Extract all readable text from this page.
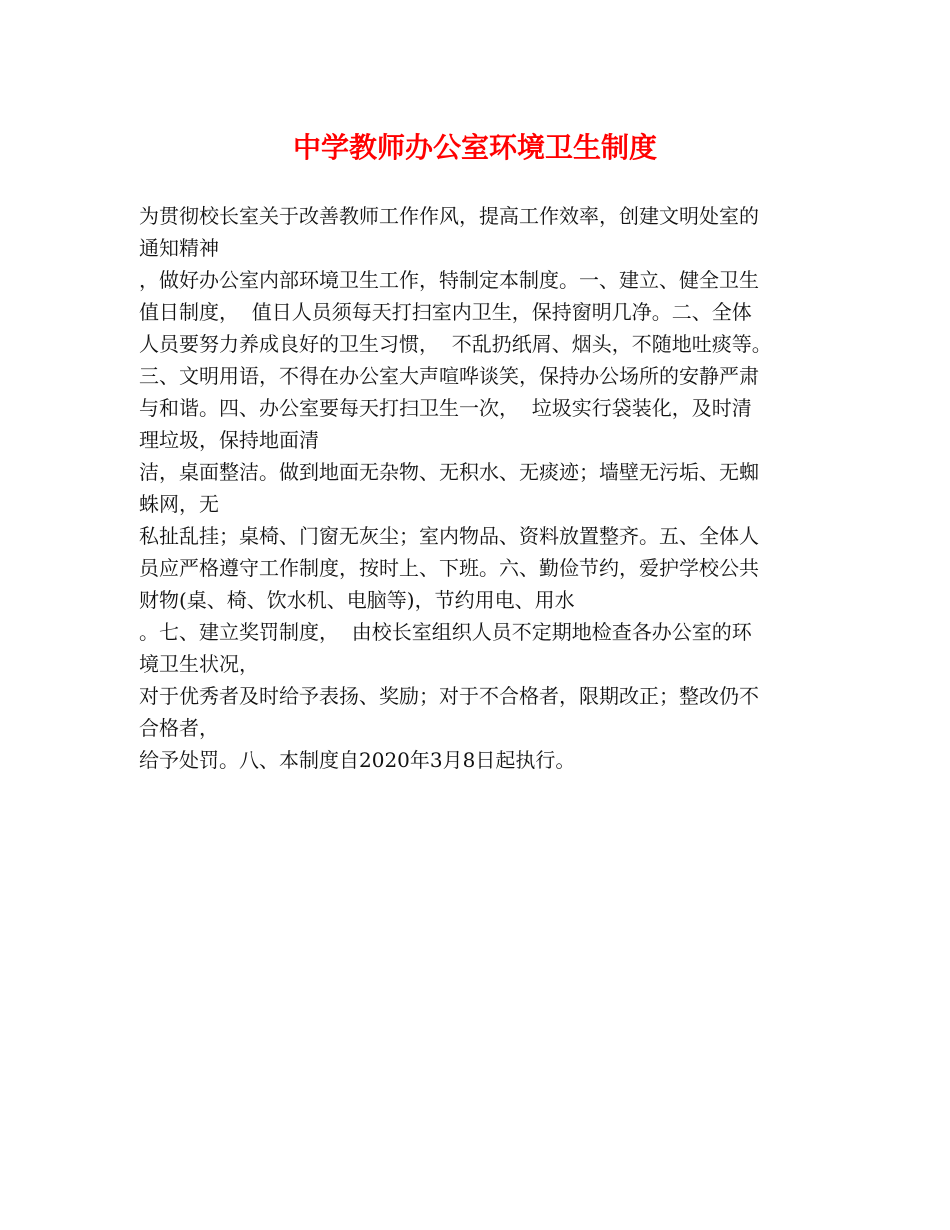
中学教师办公室环境卫生制度
为贯彻校长室关于改善教师工作作风，提高工作效率，创建文明处室的
通知精神
，做好办公室内部环境卫生工作，特制定本制度。一、建立、健全卫生
值日制度，  值日人员须每天打扫室内卫生，保持窗明几净。二、全体
人员要努力养成良好的卫生习惯，  不乱扔纸屑、烟头，不随地吐痰等。
三、文明用语，不得在办公室大声喧哗谈笑，保持办公场所的安静严肃
与和谐。四、办公室要每天打扫卫生一次，  垃圾实行袋装化，及时清
理垃圾，保持地面清
洁，桌面整洁。做到地面无杂物、无积水、无痰迹；墙壁无污垢、无蜘
蛛网，无
私扯乱挂；桌椅、门窗无灰尘；室内物品、资料放置整齐。五、全体人
员应严格遵守工作制度，按时上、下班。六、勤俭节约，爱护学校公共
财物(桌、椅、饮水机、电脑等)，节约用电、用水
。七、建立奖罚制度，  由校长室组织人员不定期地检查各办公室的环
境卫生状况，
对于优秀者及时给予表扬、奖励；对于不合格者，限期改正；整改仍不
合格者，
给予处罚。八、本制度自2020年3月8日起执行。
